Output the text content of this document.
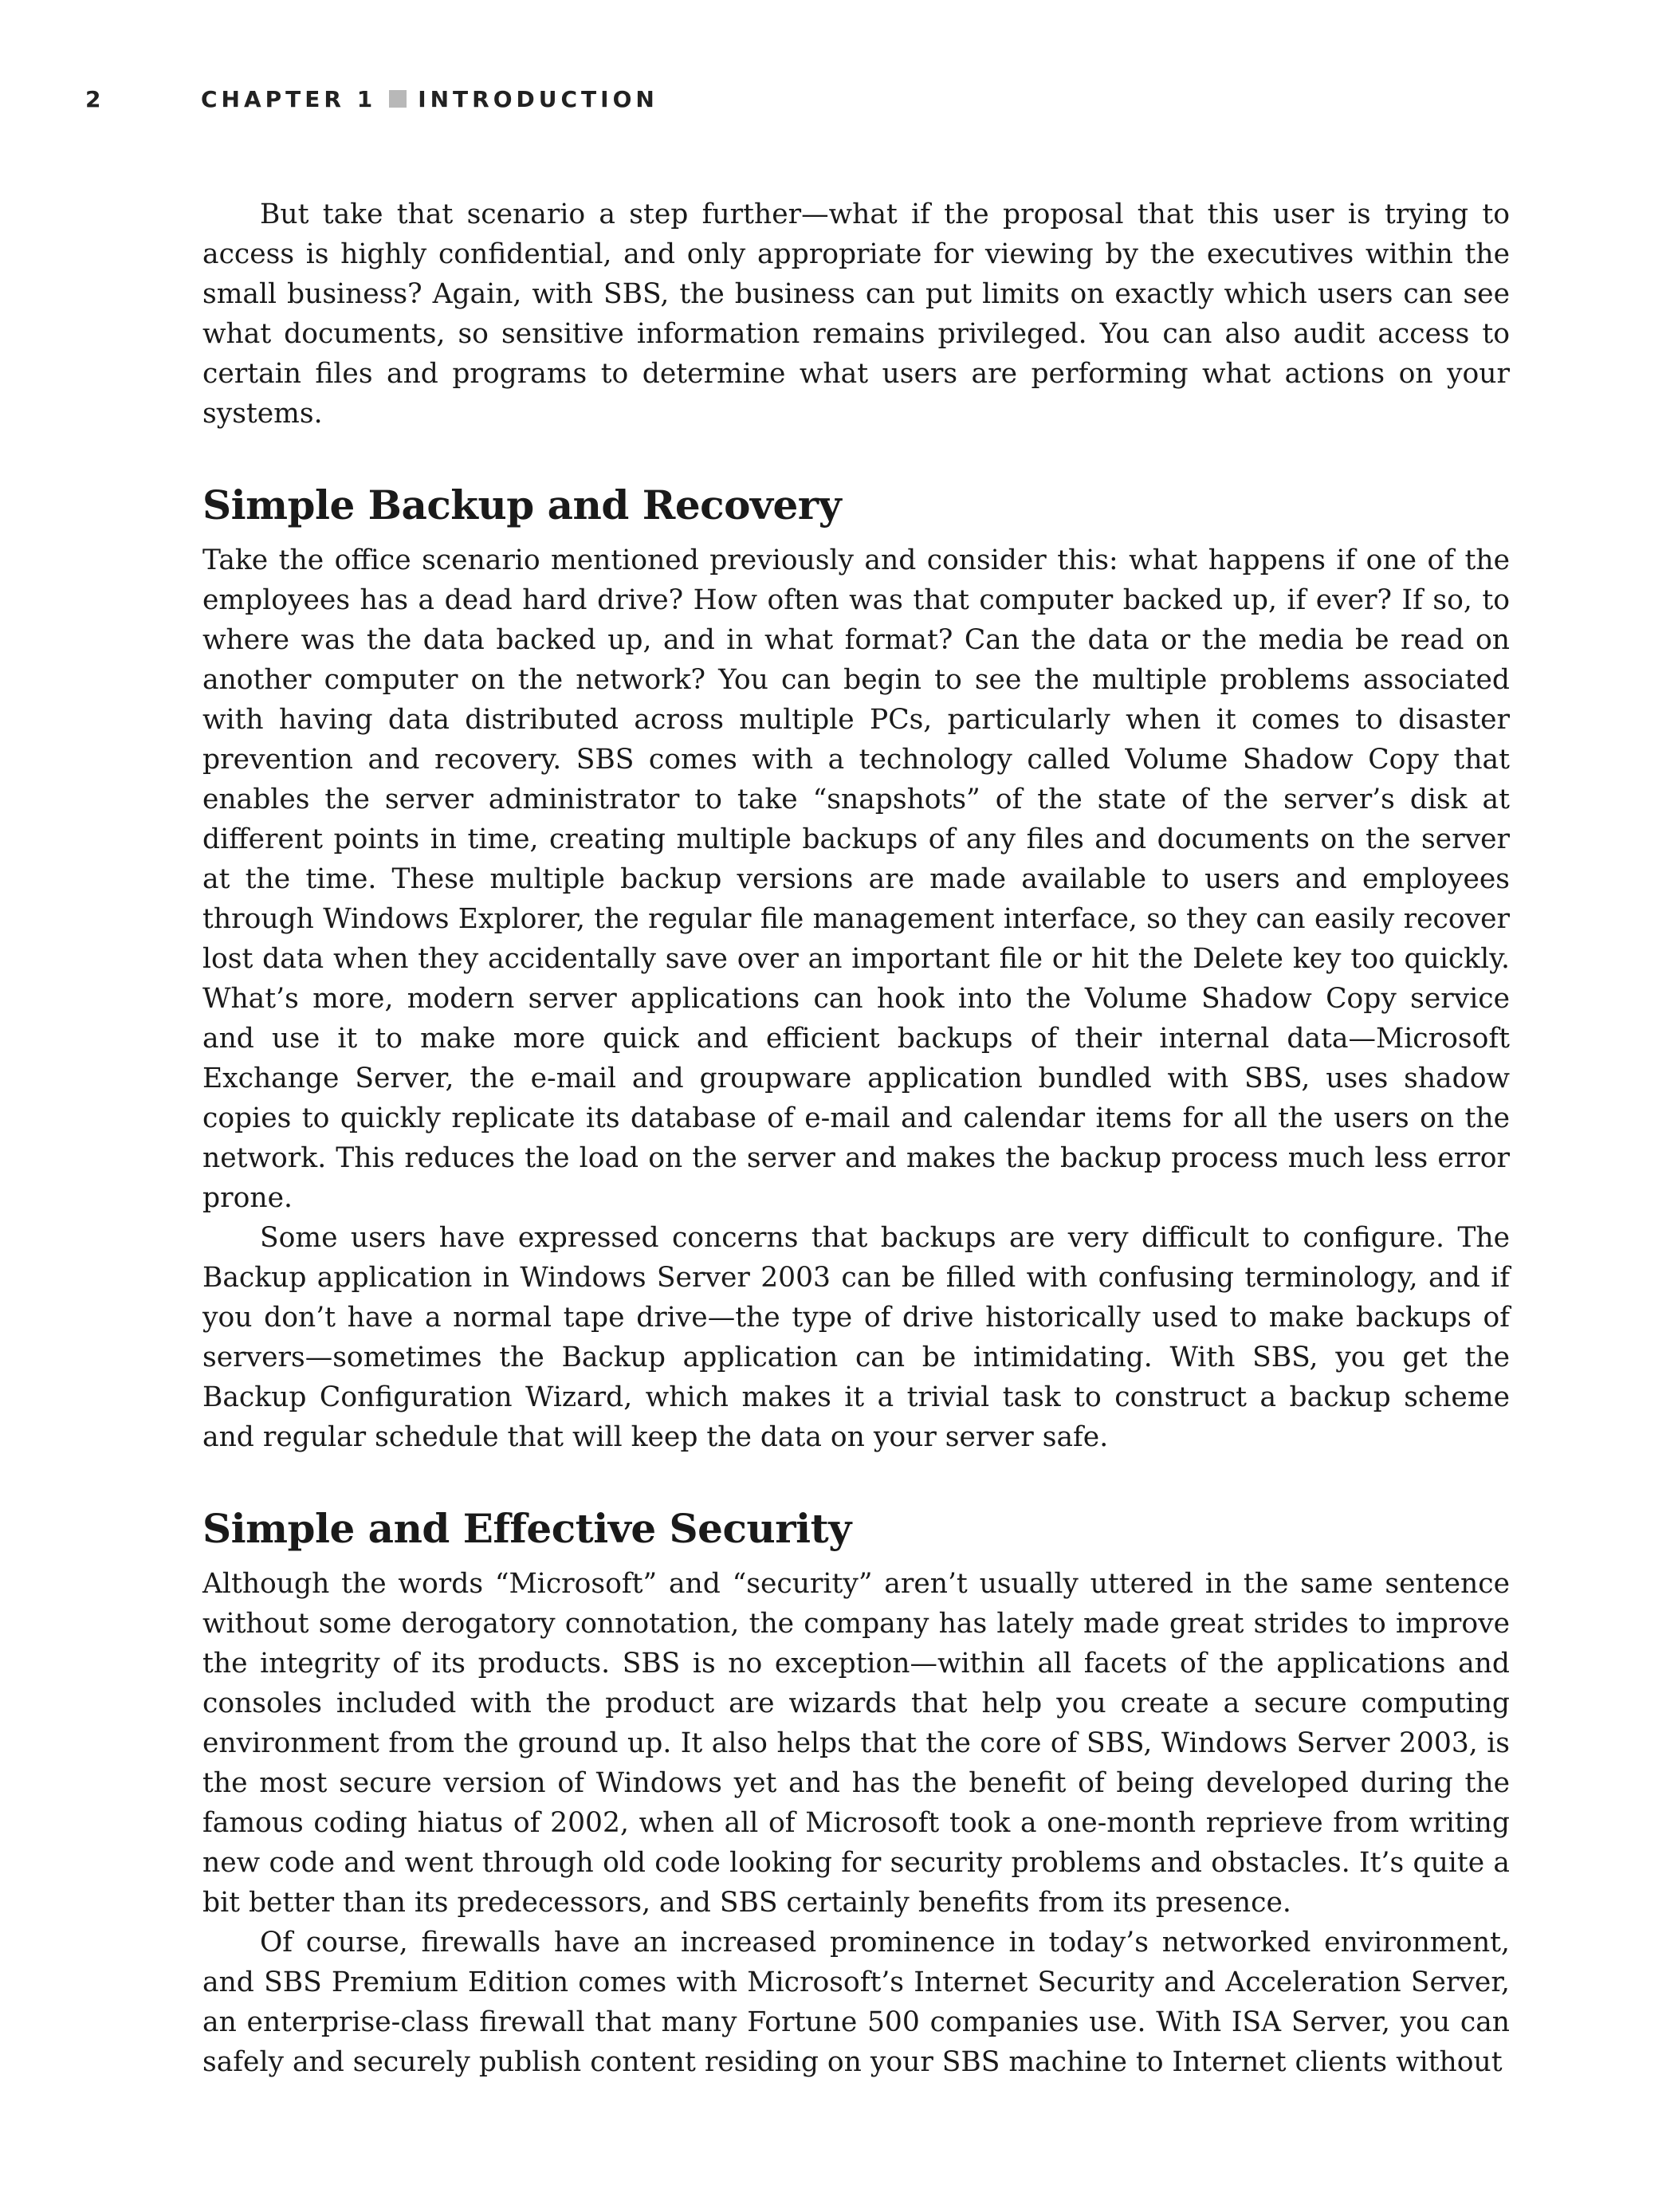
2	CHAPTER 1 INTRODUCTION

But take that scenario a step further—what if the proposal that this user is trying to access is highly confidential, and only appropriate for viewing by the executives within the small business? Again, with SBS, the business can put limits on exactly which users can see what documents, so sensitive information remains privileged. You can also audit access to certain files and programs to determine what users are performing what actions on your systems.

Simple Backup and Recovery

Take the office scenario mentioned previously and consider this: what happens if one of the employees has a dead hard drive? How often was that computer backed up, if ever? If so, to where was the data backed up, and in what format? Can the data or the media be read on another computer on the network? You can begin to see the multiple problems associated with having data distributed across multiple PCs, particularly when it comes to disaster prevention and recovery. SBS comes with a technology called Volume Shadow Copy that enables the server administrator to take “snapshots” of the state of the server’s disk at different points in time, creating multiple backups of any files and documents on the server at the time. These multiple backup versions are made available to users and employees through Windows Explorer, the regular file management interface, so they can easily recover lost data when they accidentally save over an important file or hit the Delete key too quickly. What’s more, modern server applications can hook into the Volume Shadow Copy service and use it to make more quick and efficient backups of their internal data—Microsoft Exchange Server, the e-mail and groupware application bundled with SBS, uses shadow copies to quickly replicate its database of e-mail and calendar items for all the users on the network. This reduces the load on the server and makes the backup process much less error prone.

Some users have expressed concerns that backups are very difficult to configure. The Backup application in Windows Server 2003 can be filled with confusing terminology, and if you don’t have a normal tape drive—the type of drive historically used to make backups of servers—sometimes the Backup application can be intimidating. With SBS, you get the Backup Configuration Wizard, which makes it a trivial task to construct a backup scheme and regular schedule that will keep the data on your server safe.

Simple and Effective Security

Although the words “Microsoft” and “security” aren’t usually uttered in the same sentence without some derogatory connotation, the company has lately made great strides to improve the integrity of its products. SBS is no exception—within all facets of the applications and consoles included with the product are wizards that help you create a secure computing environment from the ground up. It also helps that the core of SBS, Windows Server 2003, is the most secure version of Windows yet and has the benefit of being developed during the famous coding hiatus of 2002, when all of Microsoft took a one-month reprieve from writing new code and went through old code looking for security problems and obstacles. It’s quite a bit better than its predecessors, and SBS certainly benefits from its presence.

Of course, firewalls have an increased prominence in today’s networked environment, and SBS Premium Edition comes with Microsoft’s Internet Security and Acceleration Server, an enterprise-class firewall that many Fortune 500 companies use. With ISA Server, you can safely and securely publish content residing on your SBS machine to Internet clients without
